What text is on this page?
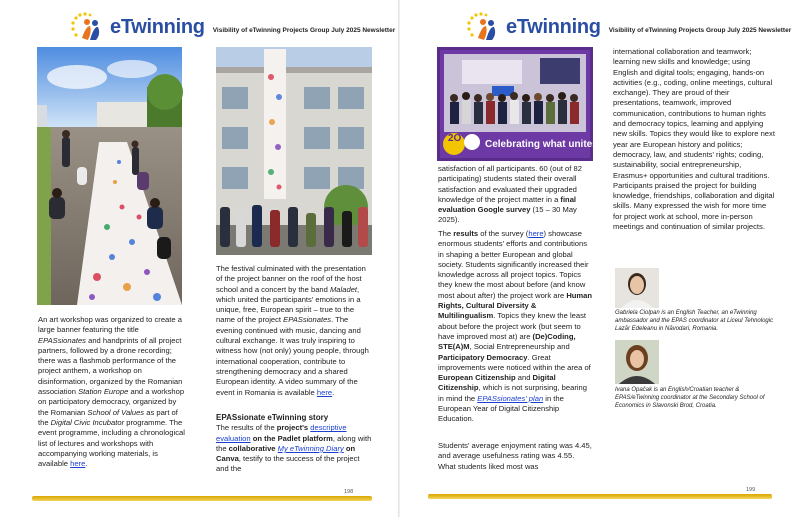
eTwinning Visibility of eTwinning Projects Group July 2025 Newsletter
An art workshop was organized to create a large banner featuring the title EPASsionates and handprints of all project partners, followed by a drone recording; there was a flashmob performance of the project anthem, a workshop on disinformation, organized by the Romanian association Station Europe and a workshop on participatory democracy, organized by the Romanian School of Values as part of the Digital Civic Incubator programme. The event programme, including a chronological list of lectures and workshops with accompanying working materials, is available here.
The festival culminated with the presentation of the project banner on the roof of the host school and a concert by the band Maladet, which united the participants' emotions in a unique, free, European spirit – true to the name of the project EPASsionates. The evening continued with music, dancing and cultural exchange. It was truly inspiring to witness how (not only) young people, through international cooperation, contribute to strengthening democracy and a shared European identity. A video summary of the event in Romania is available here.
EPASsionate eTwinning story
The results of the project's descriptive evaluation on the Padlet platform, along with the collaborative My eTwinning Diary on Canva, testify to the success of the project and the
198
eTwinning Visibility of eTwinning Projects Group July 2025 Newsletter
2O
Celebrating what unites us
satisfaction of all participants. 60 (out of 82 participating) students stated their overall satisfaction and evaluated their upgraded knowledge of the project matter in a final evaluation Google survey (15 – 30 May 2025).
The results of the survey (here) showcase enormous students' efforts and contributions in shaping a better European and global society. Students significantly increased their knowledge across all project topics. Topics they knew the most about before (and know most about after) the project work are Human Rights, Cultural Diversity & Multilingualism. Topics they knew the least about before the project work (but seem to have improved most at) are (De)Coding, STE(A)M, Social Entrepreneurship and Participatory Democracy. Great improvements were noticed within the area of European Citizenship and Digital Citizenship, which is not surprising, bearing in mind the EPASsionates' plan in the European Year of Digital Citizenship Education.
Students' average enjoyment rating was 4.45, and average usefulness rating was 4.55. What students liked most was
international collaboration and teamwork; learning new skills and knowledge; using English and digital tools; engaging, hands-on activities (e.g., coding, online meetings, cultural exchange). They are proud of their presentations, teamwork, improved communication, contributions to human rights and democracy topics, learning and applying new skills. Topics they would like to explore next year are European history and politics; democracy, law, and students' rights; coding, sustainability, social entrepreneurship, Erasmus+ opportunities and cultural traditions. Participants praised the project for building knowledge, friendships, collaboration and digital skills. Many expressed the wish for more time for project work at school, more in-person meetings and continuation of similar projects.
Gabriela Ciolpan is an English Teacher, an eTwinning ambassador and the EPAS coordinator at Liceul Tehnologic Lazăr Edeleanu in Năvodari, Romania.
Ivana Opačak is an English/Croatian teacher & EPAS/eTwinning coordinator at the Secondary School of Economics in Slavonski Brod, Croatia.
199
